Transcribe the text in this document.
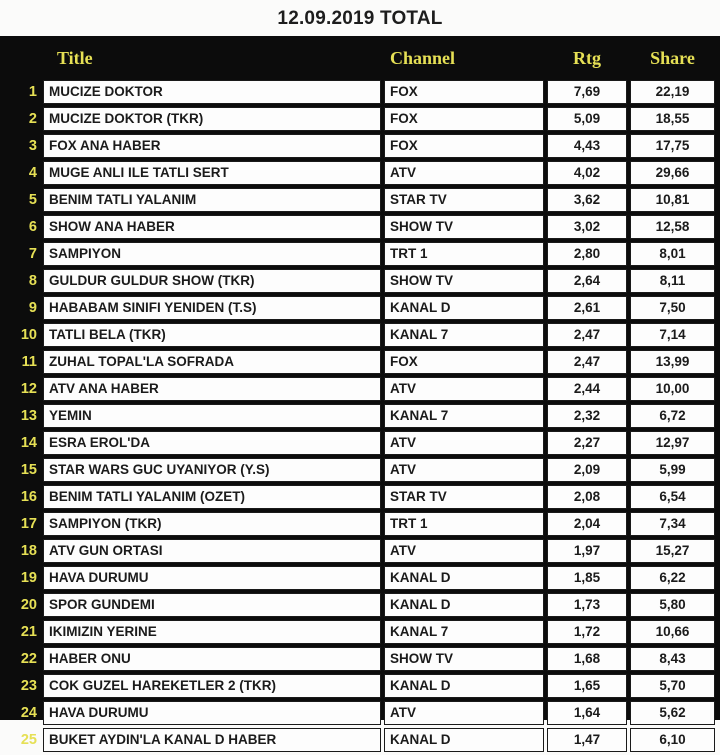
12.09.2019 TOTAL
	Title	Channel	Rtg	Share
1	MUCIZE DOKTOR	FOX	7,69	22,19
2	MUCIZE DOKTOR (TKR)	FOX	5,09	18,55
3	FOX ANA HABER	FOX	4,43	17,75
4	MUGE ANLI ILE TATLI SERT	ATV	4,02	29,66
5	BENIM TATLI YALANIM	STAR TV	3,62	10,81
6	SHOW ANA HABER	SHOW TV	3,02	12,58
7	SAMPIYON	TRT 1	2,80	8,01
8	GULDUR GULDUR SHOW (TKR)	SHOW TV	2,64	8,11
9	HABABAM SINIFI YENIDEN (T.S)	KANAL D	2,61	7,50
10	TATLI BELA (TKR)	KANAL 7	2,47	7,14
11	ZUHAL TOPAL'LA SOFRADA	FOX	2,47	13,99
12	ATV ANA HABER	ATV	2,44	10,00
13	YEMIN	KANAL 7	2,32	6,72
14	ESRA EROL'DA	ATV	2,27	12,97
15	STAR WARS GUC UYANIYOR (Y.S)	ATV	2,09	5,99
16	BENIM TATLI YALANIM (OZET)	STAR TV	2,08	6,54
17	SAMPIYON (TKR)	TRT 1	2,04	7,34
18	ATV GUN ORTASI	ATV	1,97	15,27
19	HAVA DURUMU	KANAL D	1,85	6,22
20	SPOR GUNDEMI	KANAL D	1,73	5,80
21	IKIMIZIN YERINE	KANAL 7	1,72	10,66
22	HABER ONU	SHOW TV	1,68	8,43
23	COK GUZEL HAREKETLER 2 (TKR)	KANAL D	1,65	5,70
24	HAVA DURUMU	ATV	1,64	5,62
25	BUKET AYDIN'LA KANAL D HABER	KANAL D	1,47	6,10
